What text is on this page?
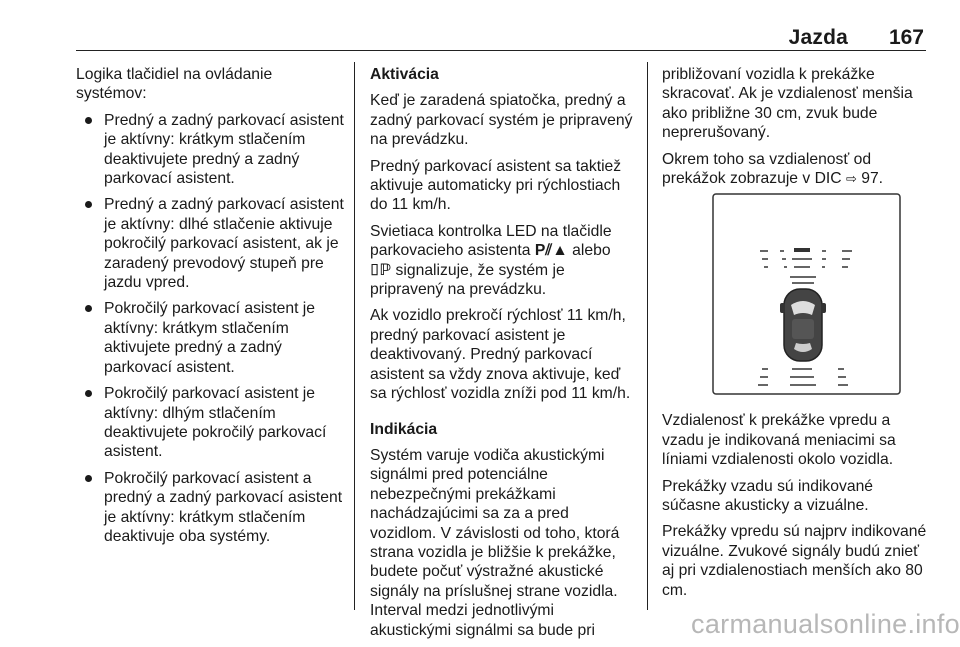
Jazda 167

Logika tlačidiel na ovládanie systémov:

Predný a zadný parkovací asistent je aktívny: krátkym stlačením deaktivujete predný a zadný parkovací asistent.
Predný a zadný parkovací asistent je aktívny: dlhé stlačenie aktivuje pokročilý parkovací asistent, ak je zaradený prevodový stupeň pre jazdu vpred.
Pokročilý parkovací asistent je aktívny: krátkym stlačením aktivujete predný a zadný parkovací asistent.
Pokročilý parkovací asistent je aktívny: dlhým stlačením deaktivujete pokročilý parkovací asistent.
Pokročilý parkovací asistent a predný a zadný parkovací asistent je aktívny: krátkym stlačením deaktivuje oba systémy.

Aktivácia

Keď je zaradená spiatočka, predný a zadný parkovací systém je pripravený na prevádzku.

Predný parkovací asistent sa taktiež aktivuje automaticky pri rýchlostiach do 11 km/h.

Svietiaca kontrolka LED na tlačidle parkovacieho asistenta P⫽▲ alebo ⌷ℙ signalizuje, že systém je pripravený na prevádzku.

Ak vozidlo prekročí rýchlosť 11 km/h, predný parkovací asistent je deaktivovaný. Predný parkovací asistent sa vždy znova aktivuje, keď sa rýchlosť vozidla zníži pod 11 km/h.

Indikácia

Systém varuje vodiča akustickými signálmi pred potenciálne nebezpečnými prekážkami nachádzajúcimi sa za a pred vozidlom. V závislosti od toho, ktorá strana vozidla je bližšie k prekážke, budete počuť výstražné akustické signály na príslušnej strane vozidla. Interval medzi jednotlivými akustickými signálmi sa bude pri

približovaní vozidla k prekážke skracovať. Ak je vzdialenosť menšia ako približne 30 cm, zvuk bude neprerušovaný.

Okrem toho sa vzdialenosť od prekážok zobrazuje v DIC ⇨ 97.

Vzdialenosť k prekážke vpredu a vzadu je indikovaná meniacimi sa líniami vzdialenosti okolo vozidla.

Prekážky vzadu sú indikované súčasne akusticky a vizuálne.

Prekážky vpredu sú najprv indikované vizuálne. Zvukové signály budú znieť aj pri vzdialenostiach menších ako 80 cm.

carmanualsonline.info
